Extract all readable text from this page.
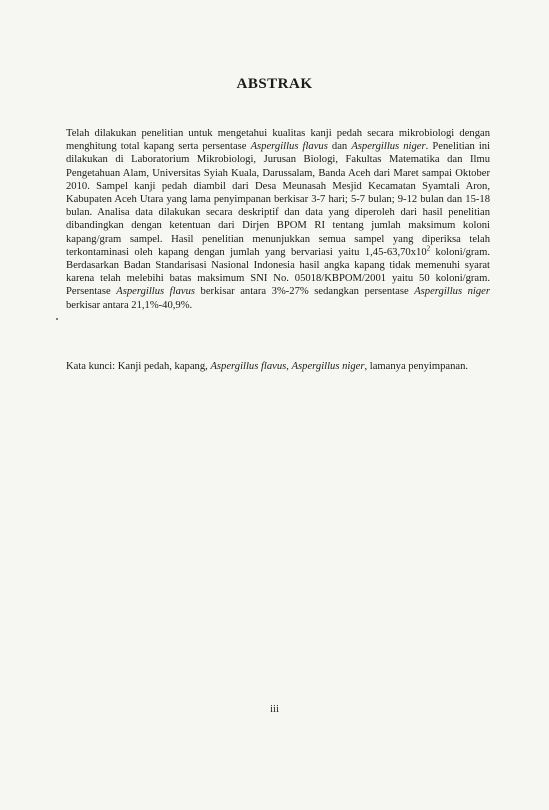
ABSTRAK

Telah dilakukan penelitian untuk mengetahui kualitas kanji pedah secara mikrobiologi dengan menghitung total kapang serta persentase Aspergillus flavus dan Aspergillus niger. Penelitian ini dilakukan di Laboratorium Mikrobiologi, Jurusan Biologi, Fakultas Matematika dan Ilmu Pengetahuan Alam, Universitas Syiah Kuala, Darussalam, Banda Aceh dari Maret sampai Oktober 2010. Sampel kanji pedah diambil dari Desa Meunasah Mesjid Kecamatan Syamtali Aron, Kabupaten Aceh Utara yang lama penyimpanan berkisar 3-7 hari; 5-7 bulan; 9-12 bulan dan 15-18 bulan. Analisa data dilakukan secara deskriptif dan data yang diperoleh dari hasil penelitian dibandingkan dengan ketentuan dari Dirjen BPOM RI tentang jumlah maksimum koloni kapang/gram sampel. Hasil penelitian menunjukkan semua sampel yang diperiksa telah terkontaminasi oleh kapang dengan jumlah yang bervariasi yaitu $1,45-63,70x10^2$ koloni/gram. Berdasarkan Badan Standarisasi Nasional Indonesia hasil angka kapang tidak memenuhi syarat karena telah melebihi batas maksimum SNI No. 05018/KBPOM/2001 yaitu 50 koloni/gram. Persentase Aspergillus flavus berkisar antara 3%-27% sedangkan persentase Aspergillus niger berkisar antara 21,1%-40,9%.

Kata kunci: Kanji pedah, kapang, Aspergillus flavus, Aspergillus niger, lamanya penyimpanan.

iii
